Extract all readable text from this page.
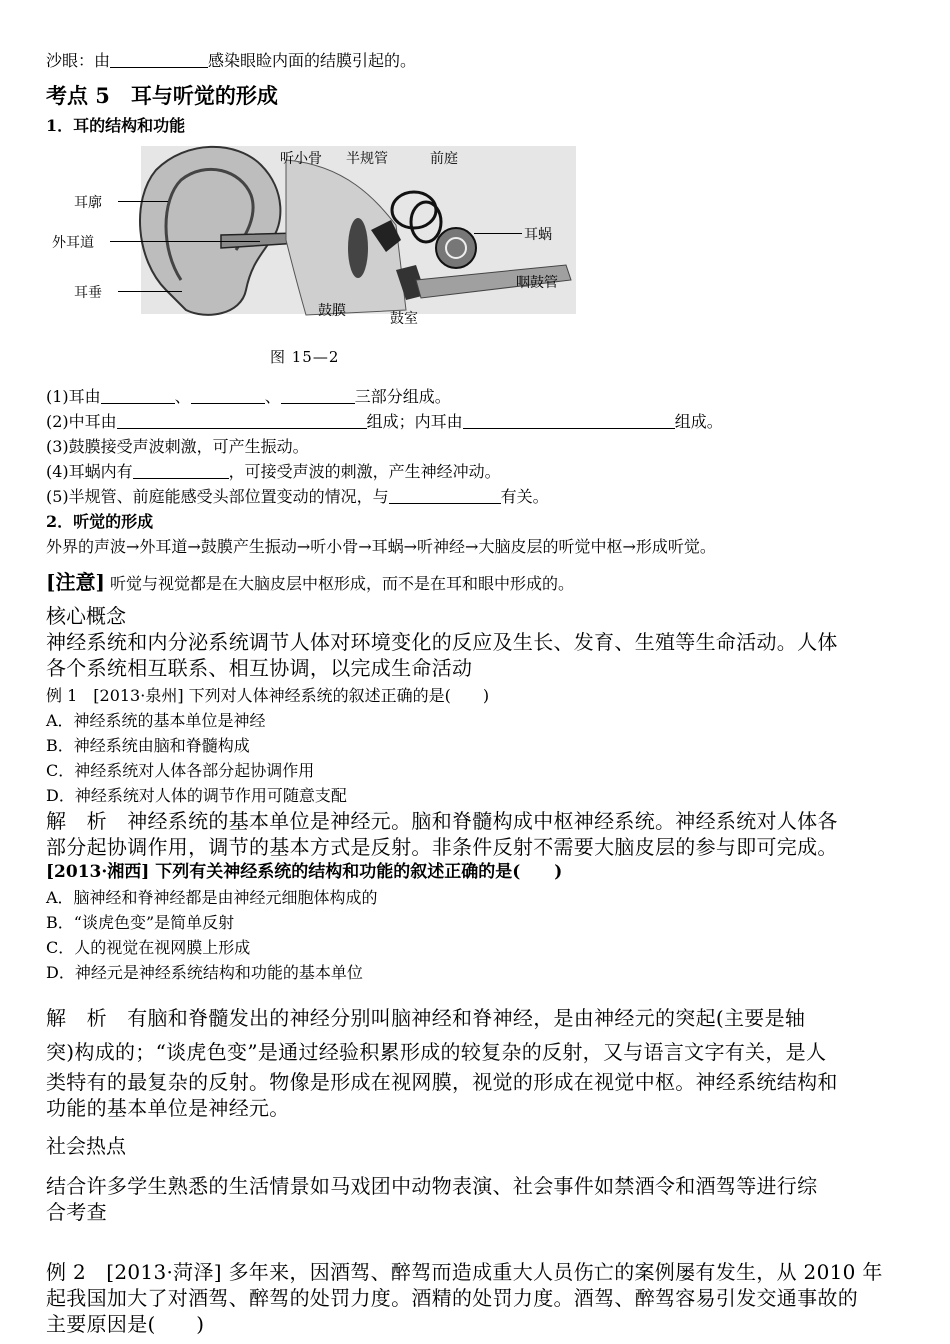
沙眼：由	感染眼睑内面的结膜引起的。
考点 5　耳与听觉的形成
1．耳的结构和功能
听小骨 半规管	前庭
耳廓
外耳道	耳蜗
耳垂
咽鼓管
鼓膜	鼓室
图 15—2
(1)耳由	、	、	三部分组成。
(2)中耳由	组成；内耳由	组成。
(3)鼓膜接受声波刺激，可产生振动。
(4)耳蜗内有	，可接受声波的刺激，产生神经冲动。
(5)半规管、前庭能感受头部位置变动的情况，与	有关。
2．听觉的形成
外界的声波→外耳道→鼓膜产生振动→听小骨→耳蜗→听神经→大脑皮层的听觉中枢→形成听觉。
[注意] 听觉与视觉都是在大脑皮层中枢形成，而不是在耳和眼中形成的。
核心概念
神经系统和内分泌系统调节人体对环境变化的反应及生长、发育、生殖等生命活动。人体
各个系统相互联系、相互协调，以完成生命活动
例 1　[2013·泉州] 下列对人体神经系统的叙述正确的是(　　)
A．神经系统的基本单位是神经
B．神经系统由脑和脊髓构成
C．神经系统对人体各部分起协调作用
D．神经系统对人体的调节作用可随意支配
解　析　神经系统的基本单位是神经元。脑和脊髓构成中枢神经系统。神经系统对人体各
部分起协调作用，调节的基本方式是反射。非条件反射不需要大脑皮层的参与即可完成。
[2013·湘西] 下列有关神经系统的结构和功能的叙述正确的是(　　)
A．脑神经和脊神经都是由神经元细胞体构成的
B．“谈虎色变”是简单反射
C．人的视觉在视网膜上形成
D．神经元是神经系统结构和功能的基本单位
解　析　有脑和脊髓发出的神经分别叫脑神经和脊神经，是由神经元的突起(主要是轴
突)构成的；“谈虎色变”是通过经验积累形成的较复杂的反射，又与语言文字有关，是人
类特有的最复杂的反射。物像是形成在视网膜，视觉的形成在视觉中枢。神经系统结构和
功能的基本单位是神经元。
社会热点
结合许多学生熟悉的生活情景如马戏团中动物表演、社会事件如禁酒令和酒驾等进行综
合考查
例 2　[2013·菏泽] 多年来，因酒驾、醉驾而造成重大人员伤亡的案例屡有发生，从 2010 年
起我国加大了对酒驾、醉驾的处罚力度。酒精的处罚力度。酒驾、醉驾容易引发交通事故的
主要原因是(　　)
